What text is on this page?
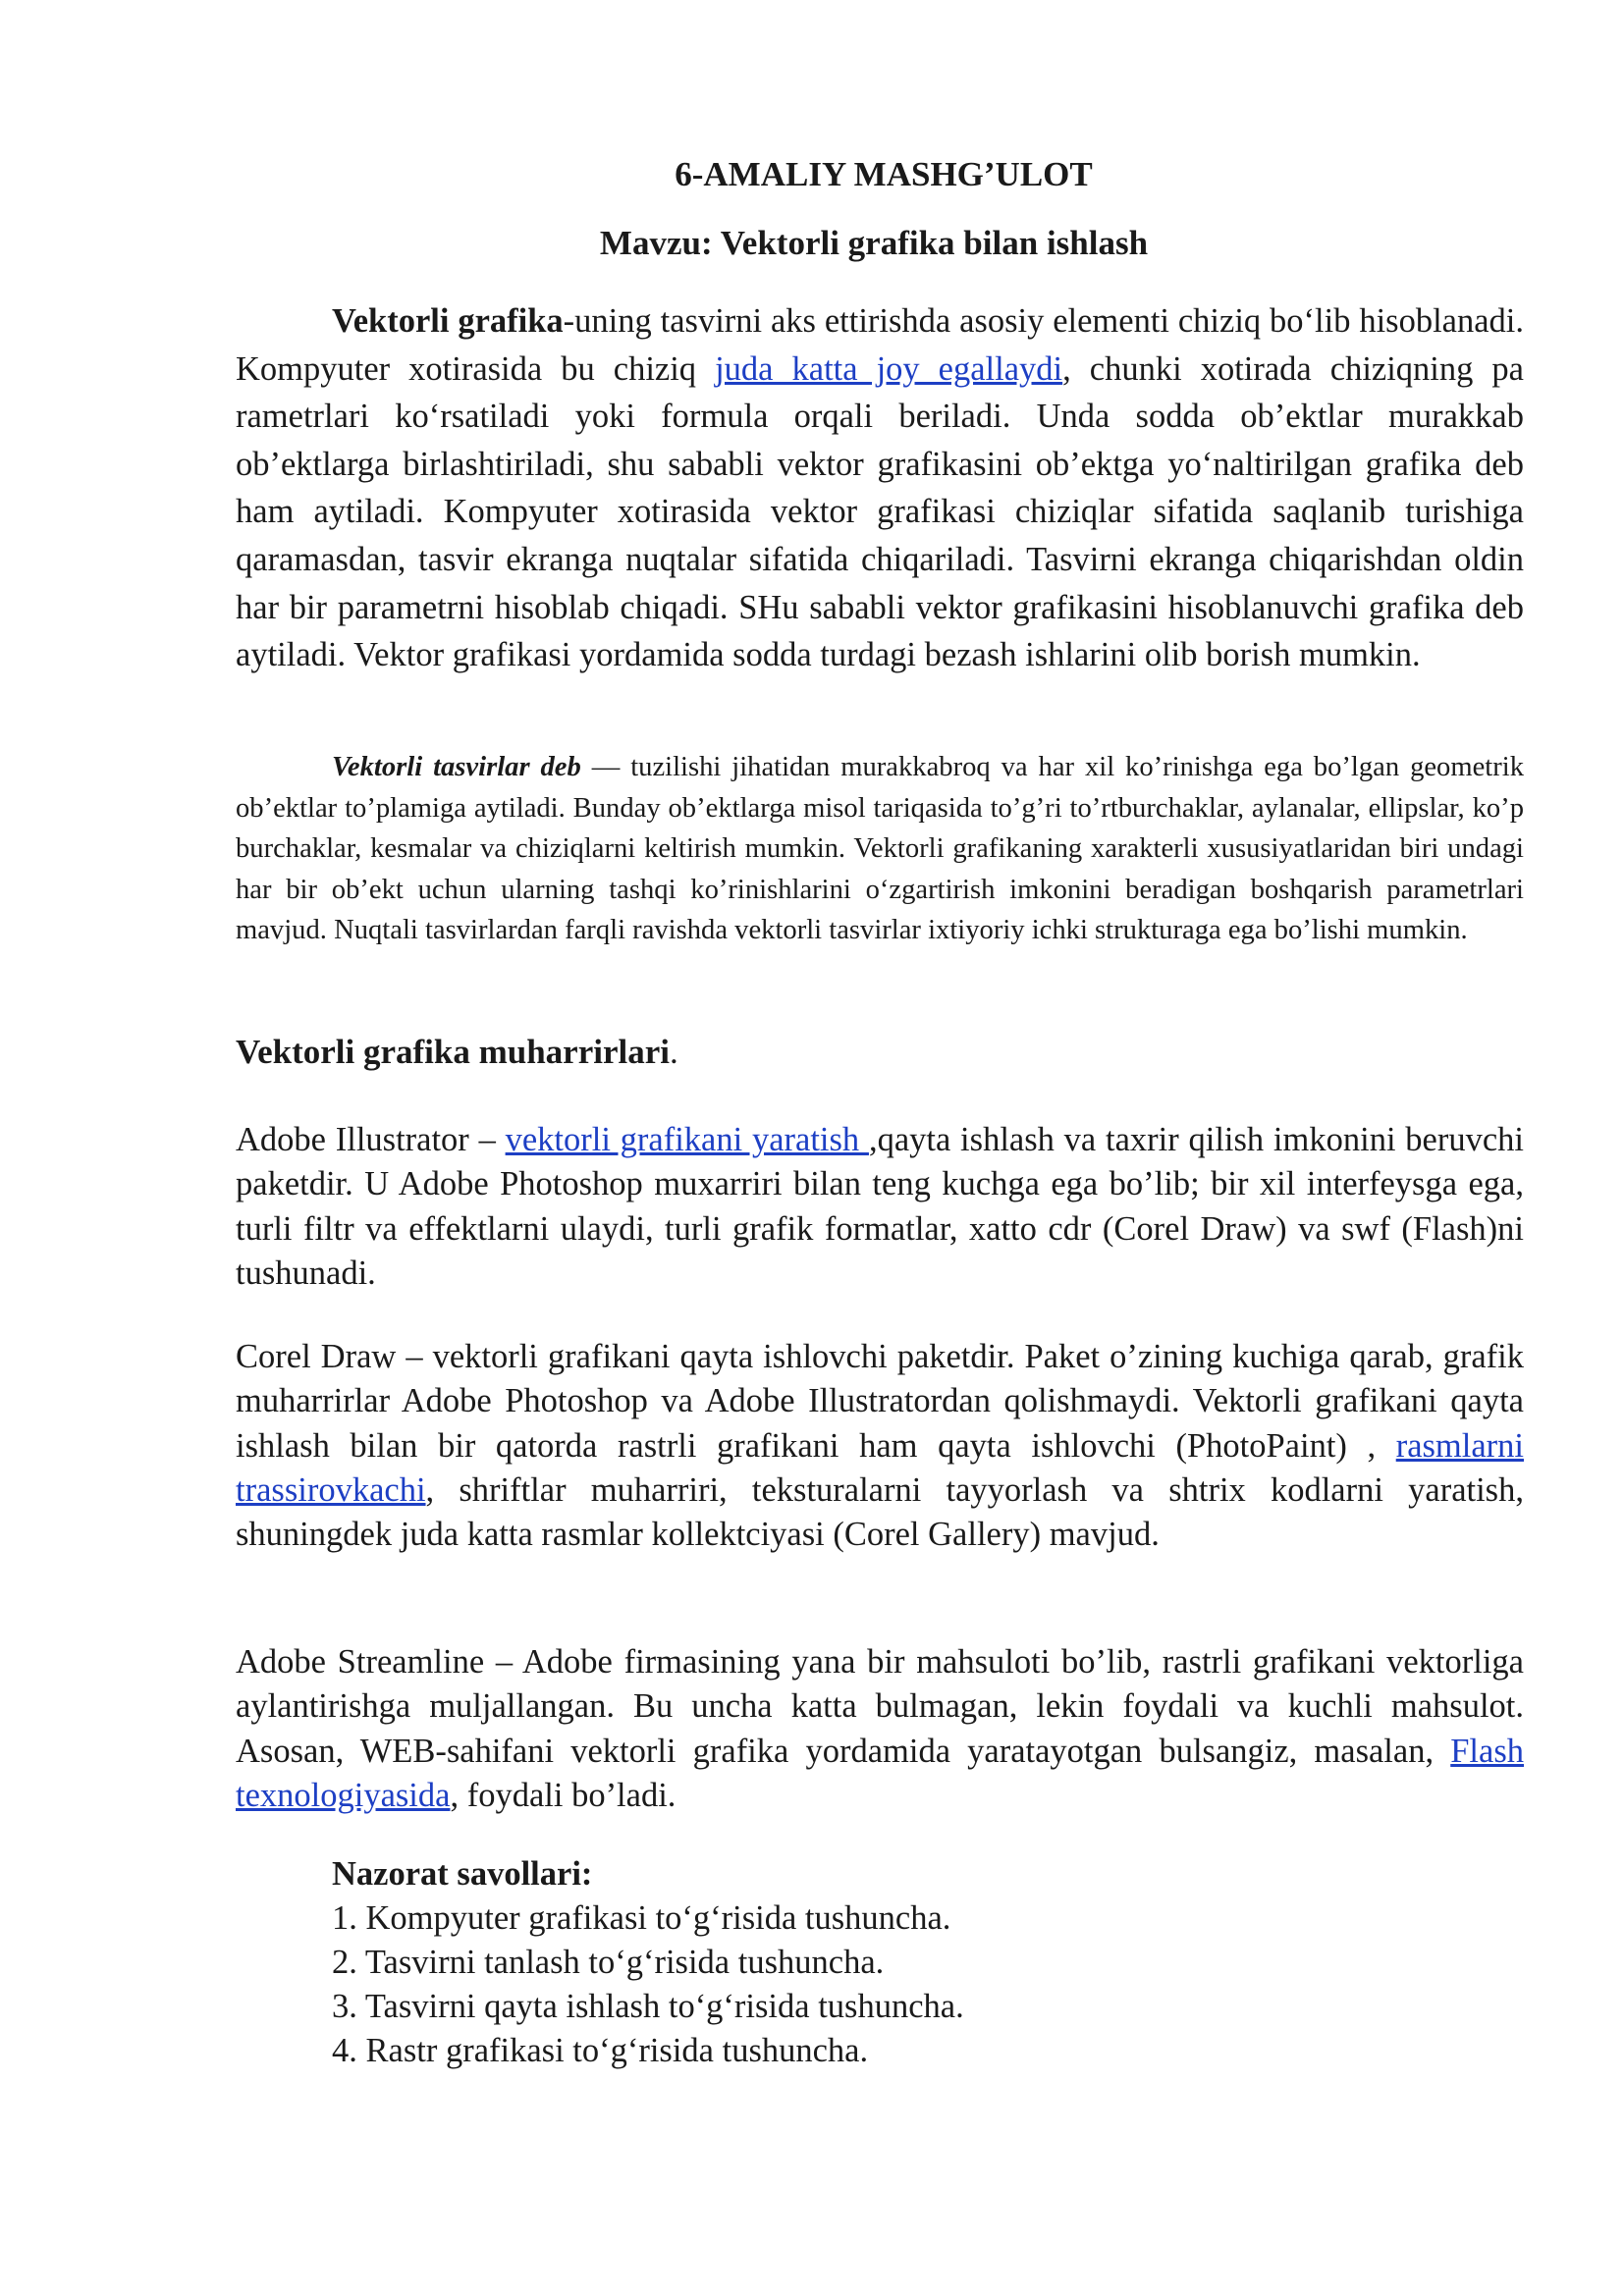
6-AMALIY MASHG’ULOT
Mavzu: Vektorli grafika bilan ishlash

Vektorli grafika-uning tasvirni aks ettirishda asosiy elementi chiziq bo‘lib hisoblanadi. Kompyuter xotirasida bu chiziq juda katta joy egallaydi, chunki xotirada chiziqning pa rametrlari ko‘rsatiladi yoki formula orqali beriladi. Unda sodda ob’ektlar murakkab ob’ektlarga birlashtiriladi, shu sababli vektor grafikasini ob’ektga yo‘naltirilgan grafika deb ham aytiladi. Kompyuter xotirasida vektor grafikasi chiziqlar sifatida saqlanib turishiga qaramasdan, tasvir ekranga nuqtalar sifatida chiqariladi. Tasvirni ekranga chiqarishdan oldin har bir parametrni hisoblab chiqadi. SHu sababli vektor grafikasini hisoblanuvchi grafika deb aytiladi. Vektor grafikasi yordamida sodda turdagi bezash ishlarini olib borish mumkin.

Vektorli tasvirlar deb — tuzilishi jihatidan murakkabroq va har xil ko’rinishga ega bo’lgan geometrik ob’ektlar to’plamiga aytiladi. Bunday ob’ektlarga misol tariqasida to’g’ri to’rtburchaklar, aylanalar, ellipslar, ko’p burchaklar, kesmalar va chiziqlarni keltirish mumkin. Vektorli grafikaning xarakterli xususiyatlaridan biri undagi har bir ob’ekt uchun ularning tashqi ko’rinishlarini o‘zgartirish imkonini beradigan boshqarish parametrlari mavjud. Nuqtali tasvirlardan farqli ravishda vektorli tasvirlar ixtiyoriy ichki strukturaga ega bo’lishi mumkin.

Vektorli grafika muharrirlari.

Adobe Illustrator – vektorli grafikani yaratish ,qayta ishlash va taxrir qilish imkonini beruvchi paketdir. U Adobe Photoshop muxarriri bilan teng kuchga ega bo’lib; bir xil interfeysga ega, turli filtr va effektlarni ulaydi, turli grafik formatlar, xatto cdr (Corel Draw) va swf (Flash)ni tushunadi.

Corel Draw – vektorli grafikani qayta ishlovchi paketdir. Paket o’zining kuchiga qarab, grafik muharrirlar Adobe Photoshop va Adobe Illustratordan qolishmaydi. Vektorli grafikani qayta ishlash bilan bir qatorda rastrli grafikani ham qayta ishlovchi (PhotoPaint) , rasmlarni trassirovkachi, shriftlar muharriri, teksturalarni tayyorlash va shtrix kodlarni yaratish, shuningdek juda katta rasmlar kollektciyasi (Corel Gallery) mavjud.

Adobe Streamline – Adobe firmasining yana bir mahsuloti bo’lib, rastrli grafikani vektorliga aylantirishga muljallangan. Bu uncha katta bulmagan, lekin foydali va kuchli mahsulot. Asosan, WEB-sahifani vektorli grafika yordamida yaratayotgan bulsangiz, masalan, Flash texnologiyasida, foydali bo’ladi.

Nazorat savollari:
1. Kompyuter grafikasi to‘g‘risida tushuncha.
2. Tasvirni tanlash to‘g‘risida tushuncha.
3. Tasvirni qayta ishlash to‘g‘risida tushuncha.
4. Rastr grafikasi to‘g‘risida tushuncha.
